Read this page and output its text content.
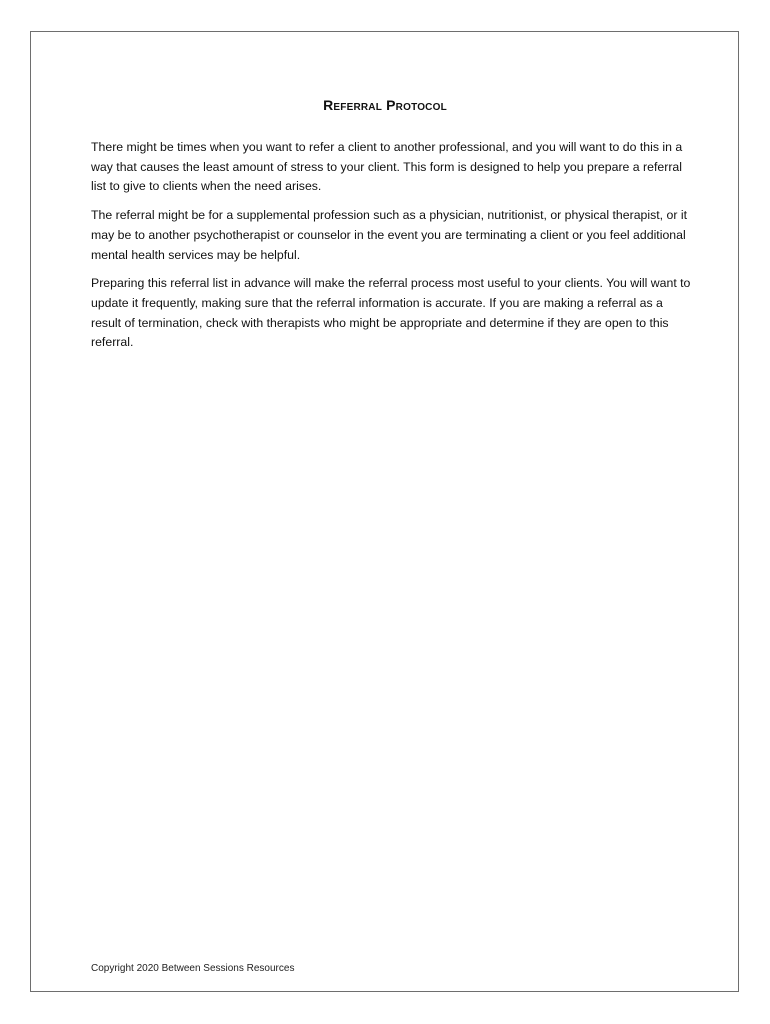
Referral Protocol

There might be times when you want to refer a client to another professional, and you will want to do this in a way that causes the least amount of stress to your client. This form is designed to help you prepare a referral list to give to clients when the need arises.

The referral might be for a supplemental profession such as a physician, nutritionist, or physical therapist, or it may be to another psychotherapist or counselor in the event you are terminating a client or you feel additional mental health services may be helpful.

Preparing this referral list in advance will make the referral process most useful to your clients. You will want to update it frequently, making sure that the referral information is accurate. If you are making a referral as a result of termination, check with therapists who might be appropriate and determine if they are open to this referral.

Copyright 2020 Between Sessions Resources
